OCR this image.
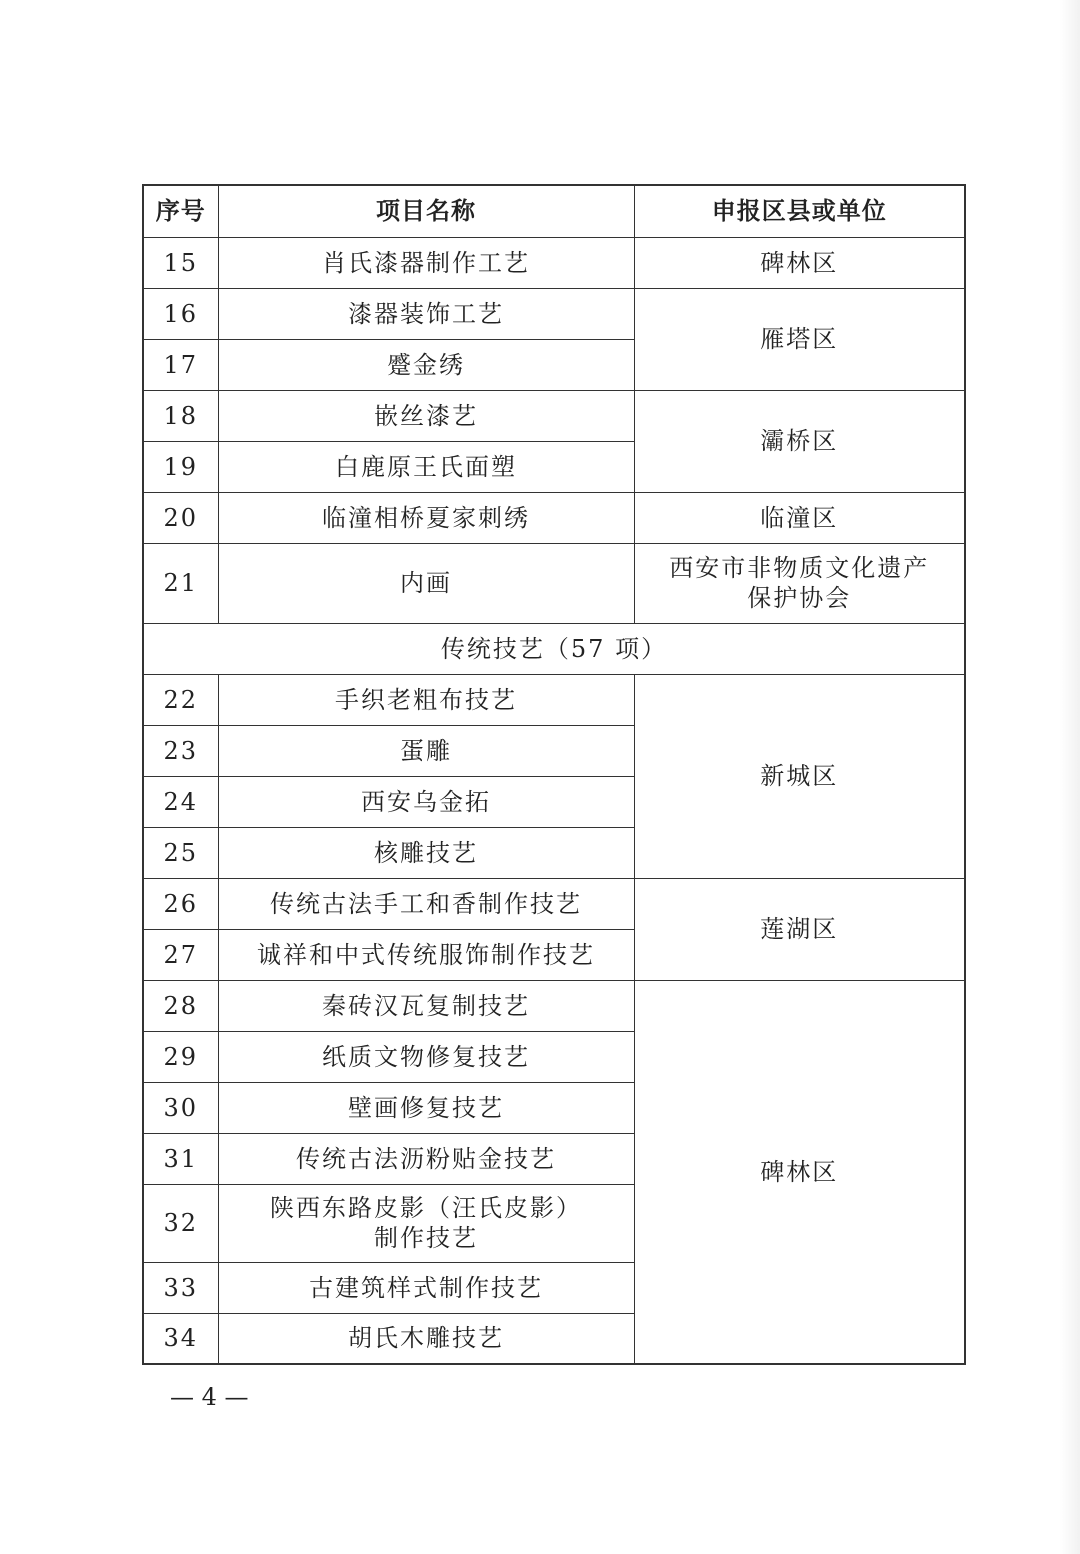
序号	项目名称	申报区县或单位
15	肖氏漆器制作工艺	碑林区
16	漆器装饰工艺	雁塔区
17	蹙金绣	
18	嵌丝漆艺	灞桥区
19	白鹿原王氏面塑	
20	临潼相桥夏家刺绣	临潼区
21	内画	西安市非物质文化遗产
保护协会

传统技艺（57 项）		
22	手织老粗布技艺	新城区
23	蛋雕	
24	西安乌金拓	
25	核雕技艺	
26	传统古法手工和香制作技艺	莲湖区
27	诚祥和中式传统服饰制作技艺	
28	秦砖汉瓦复制技艺	碑林区
29	纸质文物修复技艺	
30	壁画修复技艺	
31	传统古法沥粉贴金技艺	
32	陕西东路皮影（汪氏皮影）
制作技艺	

33	古建筑样式制作技艺	
34	胡氏木雕技艺	
— 4 —
